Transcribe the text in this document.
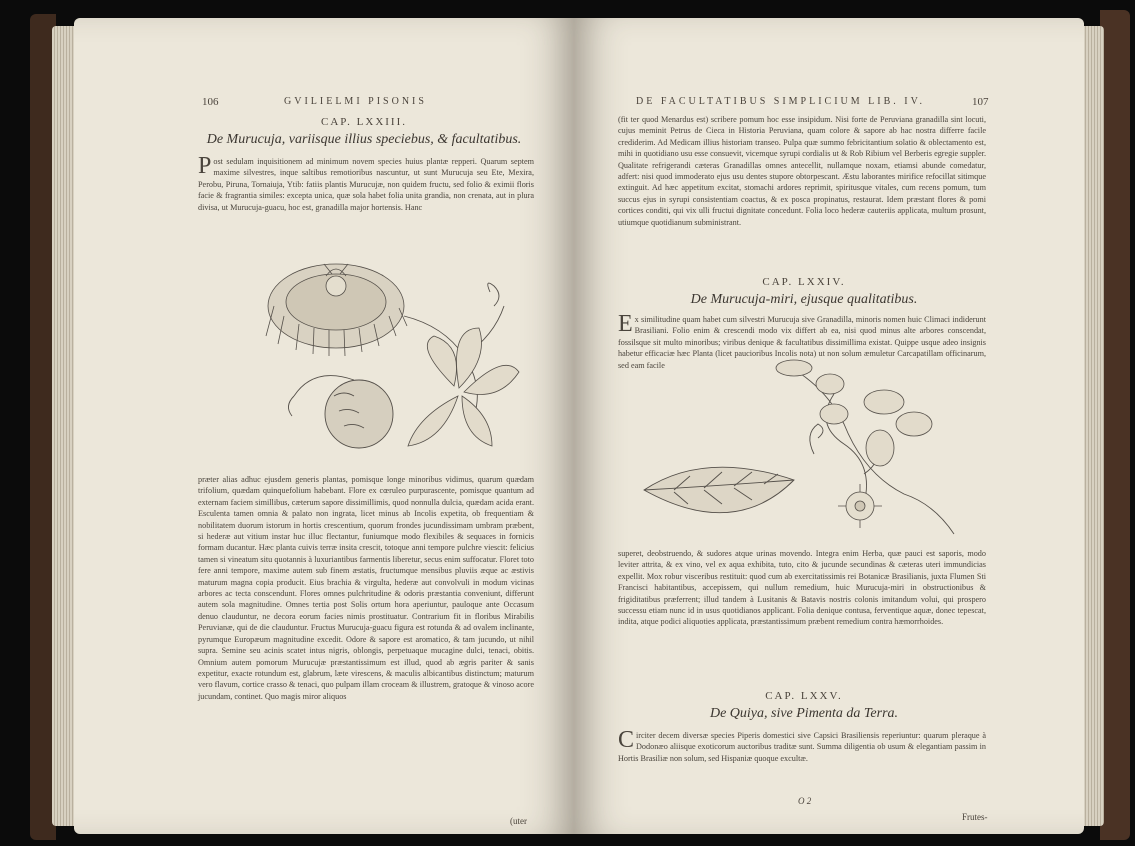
106	GVILIELMI PISONIS
CAP. LXXIII.
De Murucuja, variisque illius speciebus, & facultatibus.
Post sedulam inquisitionem ad minimum novem species huius plantæ repperi. Quarum septem maxime silvestres, inque saltibus remotioribus nascuntur, ut sunt Murucuja seu Ete, Mexira, Perobu, Piruna, Tornaiuja, Ytib: fatiis plantis Murucujæ, non quidem fructu, sed folio & eximii floris facie & fragrantia similes: excepta unica, quæ sola habet folia unita grandia, non crenata, aut in plura divisa, ut Murucuja-guacu, hoc est, granadilla major hortensis. Hanc
præter alias adhuc ejusdem generis plantas, pomisque longe minoribus vidimus, quarum quædam trifolium, quædam quinquefolium habebant. Flore ex cœruleo purpurascente, pomisque quantum ad externam faciem simillibus, cæterum sapore dissimillimis, quod nonnulla dulcia, quædam acida erant. Esculenta tamen omnia & palato non ingrata, licet minus ab Incolis expetita, ob frequentiam & nobilitatem duorum istorum in hortis crescentium, quorum frondes jucundissimam umbram præbent, si hederæ aut vitium instar huc illuc flectantur, funiumque modo flexibiles & sequaces in fornicis formam ducantur. Hæc planta cuivis terræ insita crescit, totoque anni tempore pulchre viescit: felicius tamen si vineatum situ quotannis à luxuriantibus farmentis liberetur, secus enim suffocatur. Floret toto fere anni tempore, maxime autem sub finem æstatis, fructumque mensibus pluviis æque ac æstivis maturum magna copia producit. Eius brachia & virgulta, hederæ aut convolvuli in modum vicinas arbores ac tecta conscendunt. Flores omnes pulchritudine & odoris præstantia conveniunt, differunt autem sola magnitudine. Omnes tertia post Solis ortum hora aperiuntur, pauloque ante Occasum denuo clauduntur, ne decora eorum facies nimis prostituatur. Contrarium fit in floribus Mirabilis Peruvianæ, qui de die clauduntur. Fructus Murucuja-guacu figura est rotunda & ad ovalem inclinante, pyrumque Europæum magnitudine excedit. Odore & sapore est aromatico, & tam jucundo, ut nihil supra. Semine seu acinis scatet intus nigris, oblongis, perpetuaque mucagine dulci, tenaci, obitis. Omnium autem pomorum Murucujæ præstantissimum est illud, quod ab ægris pariter & sanis expetitur, exacte rotundum est, glabrum, læte virescens, & maculis albicantibus distinctum; maturum vero flavum, cortice crasso & tenaci, quo pulpam illam croceam & illustrem, gratoque & vinoso acore jucundam, continet. Quo magis miror aliquos
(uter
DE FACULTATIBUS SIMPLICIUM LIB. IV.	107
(fit ter quod Menardus est) scribere pomum hoc esse insipidum. Nisi forte de Peruviana granadilla sint locuti, cujus meminit Petrus de Cieca in Historia Peruviana, quam colore & sapore ab hac nostra differre facile crediderim. Ad Medicam illius historiam transeo. Pulpa quæ summo febricitantium solatio & oblectamento est, mihi in quotidiano usu esse consuevit, vicemque syrupi cordialis ut & Rob Ribium vel Berberis egregie suppler. Qualitate refrigerandi cæteras Granadillas omnes antecellit, nullamque noxam, etiamsi abunde comedatur, adfert: nisi quod immoderato ejus usu dentes stupore obtorpescant. Æstu laborantes mirifice refocillat sitimque extinguit. Ad hæc appetitum excitat, stomachi ardores reprimit, spiritusque vitales, cum recens pomum, tum succus ejus in syrupi consistentiam coactus, & ex posca propinatus, restaurat. Idem præstant flores & pomi cortices conditi, qui vix ulli fructui dignitate concedunt. Folia loco hederæ cauteriis applicata, multum prosunt, utiumque quotidianum subministrant.
CAP. LXXIV.
De Murucuja-miri, ejusque qualitatibus.
Ex similitudine quam habet cum silvestri Murucuja sive Granadilla, minoris nomen huic Climaci indiderunt Brasiliani. Folio enim & crescendi modo vix differt ab ea, nisi quod minus alte arbores conscendat, fossilsque sit multo minoribus; viribus denique & facultatibus dissimillima existat. Quippe usque adeo insignis habetur efficaciæ hæc Planta (licet paucioribus Incolis nota) ut non solum æmuletur Carcapatillam officinarum, sed eam facile
superet, deobstruendo, & sudores atque urinas movendo. Integra enim Herba, quæ pauci est saporis, modo leviter attrita, & ex vino, vel ex aqua exhibita, tuto, cito & jucunde secundinas & cæteras uteri immundicias expellit. Mox robur visceribus restituit: quod cum ab exercitatissimis rei Botanicæ Brasilianis, juxta Flumen Sti Francisci habitantibus, accepissem, qui nullum remedium, huic Murucuja-miri in obstructionibus & frigiditatibus præferrent; illud tandem à Lusitanis & Batavis nostris colonis imitandum volui, qui prospero successu etiam nunc id in usus quotidianos applicant. Folia denique contusa, ferventique aquæ, donec tepescat, indita, atque podici aliquoties applicata, præstantissimum præbent remedium contra hæmorrhoides.
CAP. LXXV.
De Quiya, sive Pimenta da Terra.
Circiter decem diversæ species Piperis domestici sive Capsici Brasiliensis reperiuntur: quarum pleraque à Dodonæo aliisque exoticorum auctoribus traditæ sunt. Summa diligentia ob usum & elegantiam passim in Hortis Brasiliæ non solum, sed Hispaniæ quoque excultæ.
O 2
Frutes-
